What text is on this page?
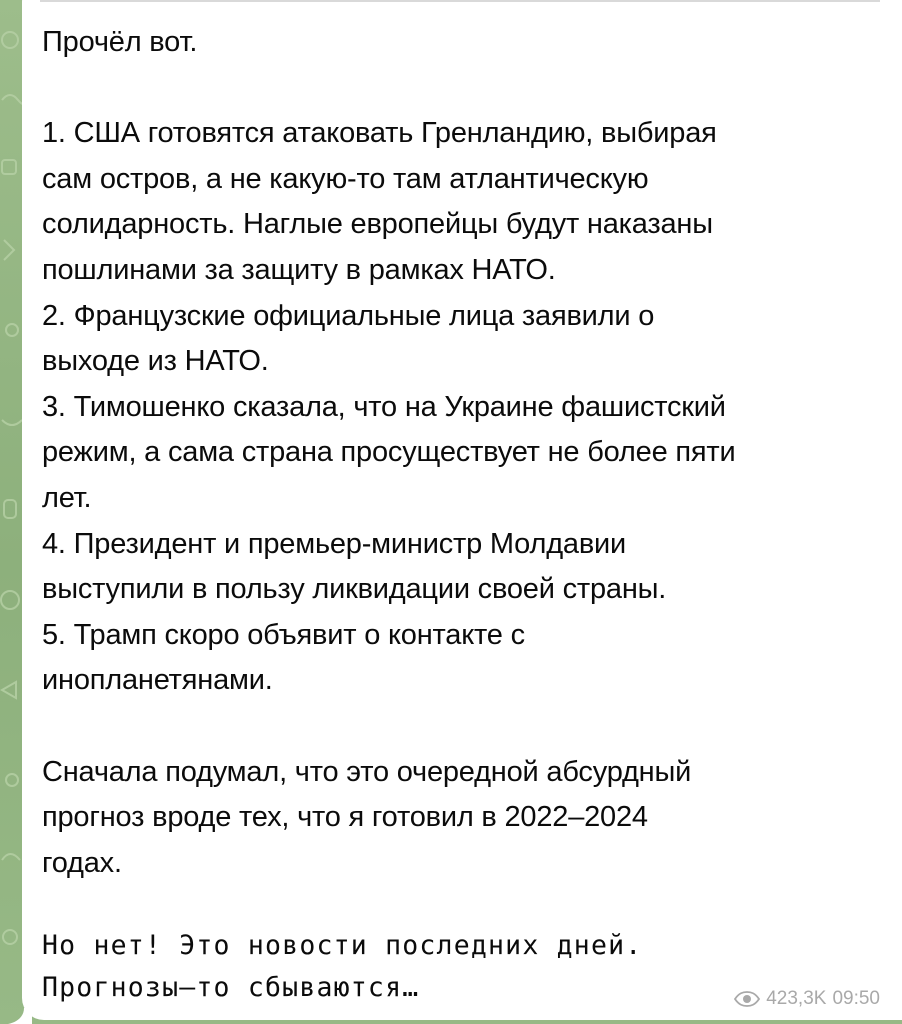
Прочёл вот.
1. США готовятся атаковать Гренландию, выбирая
сам остров, а не какую-то там атлантическую
солидарность. Наглые европейцы будут наказаны
пошлинами за защиту в рамках НАТО.
2. Французские официальные лица заявили о
выходе из НАТО.
3. Тимошенко сказала, что на Украине фашистский
режим, а сама страна просуществует не более пяти
лет.
4. Президент и премьер-министр Молдавии
выступили в пользу ликвидации своей страны.
5. Трамп скоро объявит о контакте с
инопланетянами.
Сначала подумал, что это очередной абсурдный
прогноз вроде тех, что я готовил в 2022–2024
годах.
Но нет! Это новости последних дней.
Прогнозы–то сбываются…	423,3K 09:50
